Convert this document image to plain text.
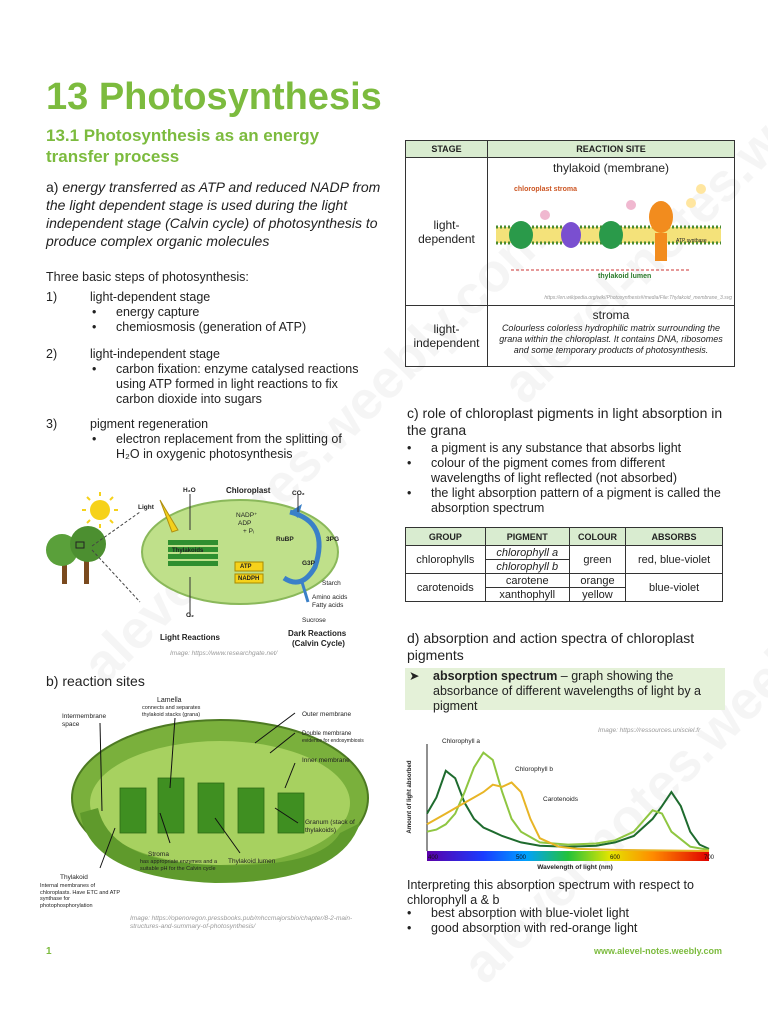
13 Photosynthesis
13.1 Photosynthesis as an energy transfer process
a) energy transferred as ATP and reduced NADP from the light dependent stage is used during the light independent stage (Calvin cycle) of photosynthesis to produce complex organic molecules
Three basic steps of photosynthesis:
1)	light-dependent stage
• energy capture
• chemiosmosis (generation of ATP)
2)	light-independent stage
• carbon fixation: enzyme catalysed reactions using ATP formed in light reactions to fix carbon dioxide into sugars
3)	pigment regeneration
• electron replacement from the splitting of H₂O in oxygenic photosynthesis
Light
H₂O	Chloroplast	CO₂
NADP⁺
ADP
+ Pᵢ
Thylakoids
ATP
NADPH
RuBP	3PG
G3P
Starch
Amino acids
Fatty acids
Sucrose
O₂
Light Reactions	Dark Reactions
(Calvin Cycle)
Image: https://www.researchgate.net/
b) reaction sites
Intermembrane space
Lamella
connects and separates thylakoid stacks (grana)	Outer membrane
Double membrane
evidence for endosymbiosis
Inner membrane
Granum (stack of thylakoids)
Stroma
has appropriate enzymes and a suitable pH for the Calvin cycle
Thylakoid
Internal membranes of chloroplasts. Have ETC and ATP synthase for photophosphorylation
Thylakoid lumen
Image: https://openoregon.pressbooks.pub/mhccmajorsbio/chapter/8-2-main-structures-and-summary-of-photosynthesis/
STAGE	REACTION SITE
light-dependent	thylakoid (membrane)
chloroplast stroma
thylakoid lumen
ATP synthase
https://en.wikipedia.org/wiki/Photosynthesis#/media/File:Thylakoid_membrane_3.svg

light-independent	stroma
Colourless colorless hydrophilic matrix surrounding the grana within the chloroplast. It contains DNA, ribosomes and some temporary products of photosynthesis.
c) role of chloroplast pigments in light absorption in the grana
• a pigment is any substance that absorbs light
• colour of the pigment comes from different wavelengths of light reflected (not absorbed)
• the light absorption pattern of a pigment is called the absorption spectrum
GROUP	PIGMENT	COLOUR	ABSORBS
chlorophylls	chlorophyll a	green	red, blue-violet
	chlorophyll b		
carotenoids	carotene	orange	blue-violet
	xanthophyll	yellow	
d) absorption and action spectra of chloroplast pigments
➤ absorption spectrum – graph showing the absorbance of different wavelengths of light by a pigment
Image: https://ressources.unisciel.fr
400	500	600	700
Amount of light absorbed
Wavelength of light (nm)
Chlorophyll a
Chlorophyll b
Carotenoids
Interpreting this absorption spectrum with respect to chlorophyll a & b
• best absorption with blue-violet light
• good absorption with red-orange light
1	www.alevel-notes.weebly.com
